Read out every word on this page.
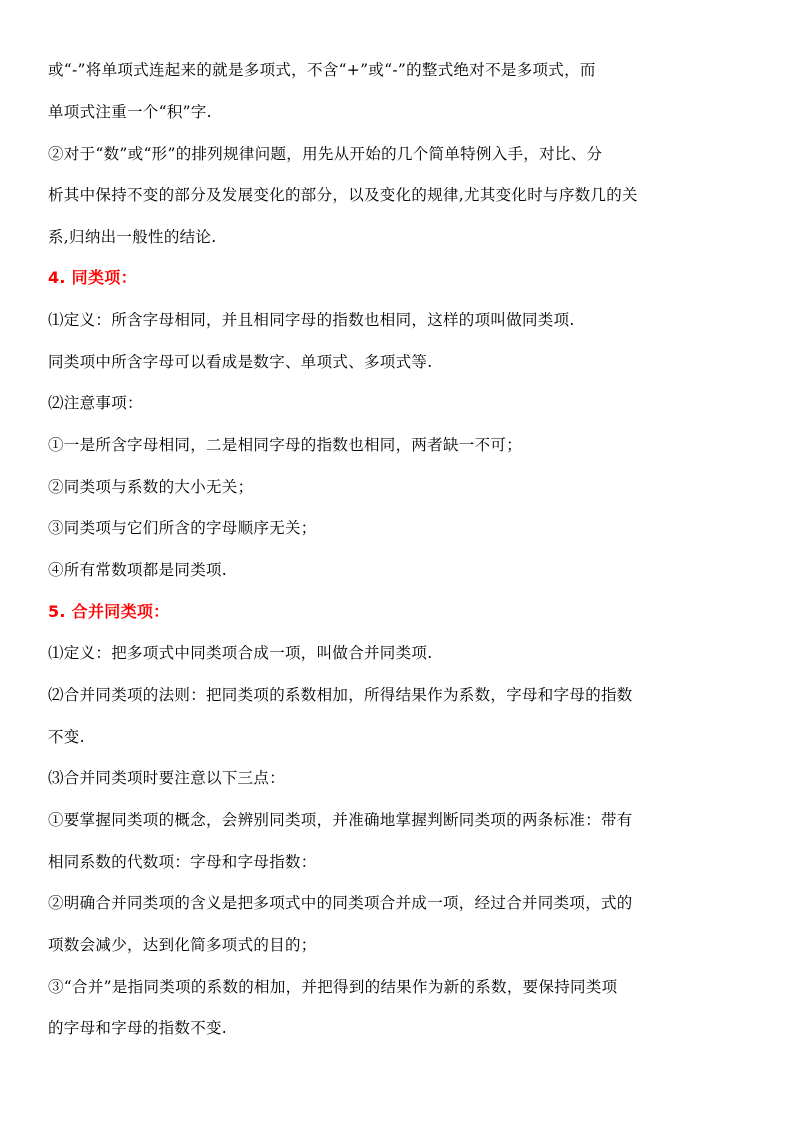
或“-”将单项式连起来的就是多项式，不含“+”或“-”的整式绝对不是多项式，而
单项式注重一个“积”字.
②对于“数”或“形”的排列规律问题，用先从开始的几个简单特例入手，对比、分
析其中保持不变的部分及发展变化的部分，以及变化的规律,尤其变化时与序数几的关
系,归纳出一般性的结论.
4. 同类项：
⑴定义：所含字母相同，并且相同字母的指数也相同，这样的项叫做同类项.
同类项中所含字母可以看成是数字、单项式、多项式等.
⑵注意事项：
①一是所含字母相同，二是相同字母的指数也相同，两者缺一不可；
②同类项与系数的大小无关；
③同类项与它们所含的字母顺序无关；
④所有常数项都是同类项.
5. 合并同类项：
⑴定义：把多项式中同类项合成一项，叫做合并同类项.
⑵合并同类项的法则：把同类项的系数相加，所得结果作为系数，字母和字母的指数
不变.
⑶合并同类项时要注意以下三点：
①要掌握同类项的概念，会辨别同类项，并准确地掌握判断同类项的两条标准：带有
相同系数的代数项：字母和字母指数：
②明确合并同类项的含义是把多项式中的同类项合并成一项，经过合并同类项，式的
项数会减少，达到化简多项式的目的；
③“合并”是指同类项的系数的相加，并把得到的结果作为新的系数，要保持同类项
的字母和字母的指数不变.
